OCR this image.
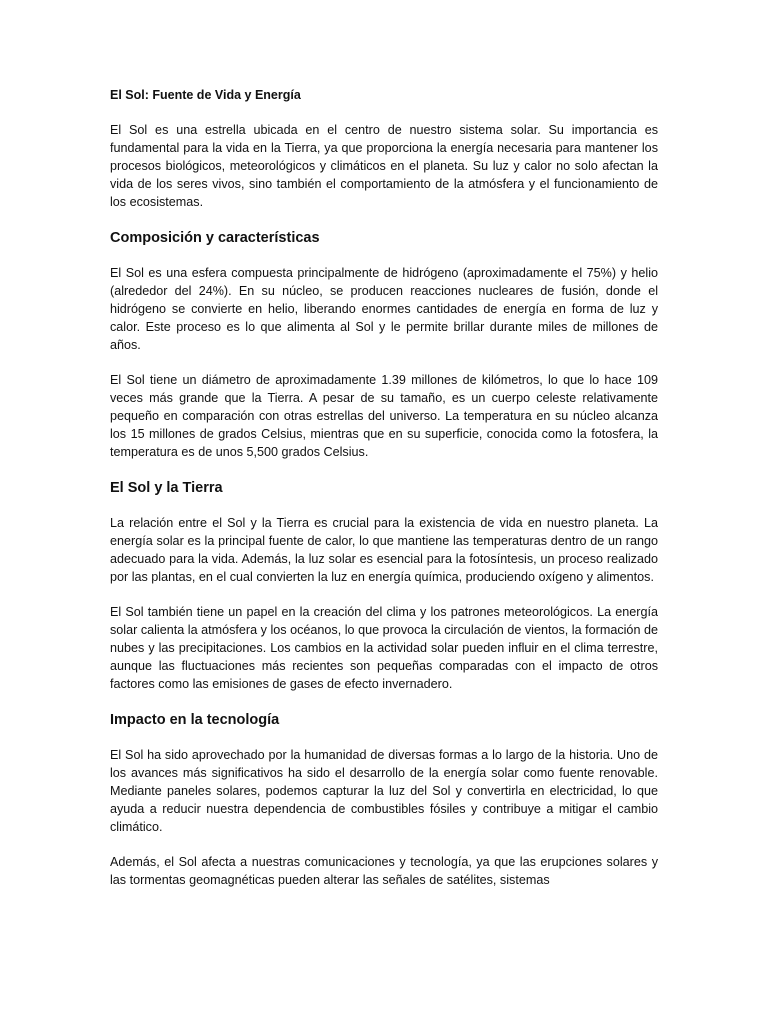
El Sol: Fuente de Vida y Energía

El Sol es una estrella ubicada en el centro de nuestro sistema solar. Su importancia es fundamental para la vida en la Tierra, ya que proporciona la energía necesaria para mantener los procesos biológicos, meteorológicos y climáticos en el planeta. Su luz y calor no solo afectan la vida de los seres vivos, sino también el comportamiento de la atmósfera y el funcionamiento de los ecosistemas.

Composición y características

El Sol es una esfera compuesta principalmente de hidrógeno (aproximadamente el 75%) y helio (alrededor del 24%). En su núcleo, se producen reacciones nucleares de fusión, donde el hidrógeno se convierte en helio, liberando enormes cantidades de energía en forma de luz y calor. Este proceso es lo que alimenta al Sol y le permite brillar durante miles de millones de años.

El Sol tiene un diámetro de aproximadamente 1.39 millones de kilómetros, lo que lo hace 109 veces más grande que la Tierra. A pesar de su tamaño, es un cuerpo celeste relativamente pequeño en comparación con otras estrellas del universo. La temperatura en su núcleo alcanza los 15 millones de grados Celsius, mientras que en su superficie, conocida como la fotosfera, la temperatura es de unos 5,500 grados Celsius.

El Sol y la Tierra

La relación entre el Sol y la Tierra es crucial para la existencia de vida en nuestro planeta. La energía solar es la principal fuente de calor, lo que mantiene las temperaturas dentro de un rango adecuado para la vida. Además, la luz solar es esencial para la fotosíntesis, un proceso realizado por las plantas, en el cual convierten la luz en energía química, produciendo oxígeno y alimentos.

El Sol también tiene un papel en la creación del clima y los patrones meteorológicos. La energía solar calienta la atmósfera y los océanos, lo que provoca la circulación de vientos, la formación de nubes y las precipitaciones. Los cambios en la actividad solar pueden influir en el clima terrestre, aunque las fluctuaciones más recientes son pequeñas comparadas con el impacto de otros factores como las emisiones de gases de efecto invernadero.

Impacto en la tecnología

El Sol ha sido aprovechado por la humanidad de diversas formas a lo largo de la historia. Uno de los avances más significativos ha sido el desarrollo de la energía solar como fuente renovable. Mediante paneles solares, podemos capturar la luz del Sol y convertirla en electricidad, lo que ayuda a reducir nuestra dependencia de combustibles fósiles y contribuye a mitigar el cambio climático.

Además, el Sol afecta a nuestras comunicaciones y tecnología, ya que las erupciones solares y las tormentas geomagnéticas pueden alterar las señales de satélites, sistemas
